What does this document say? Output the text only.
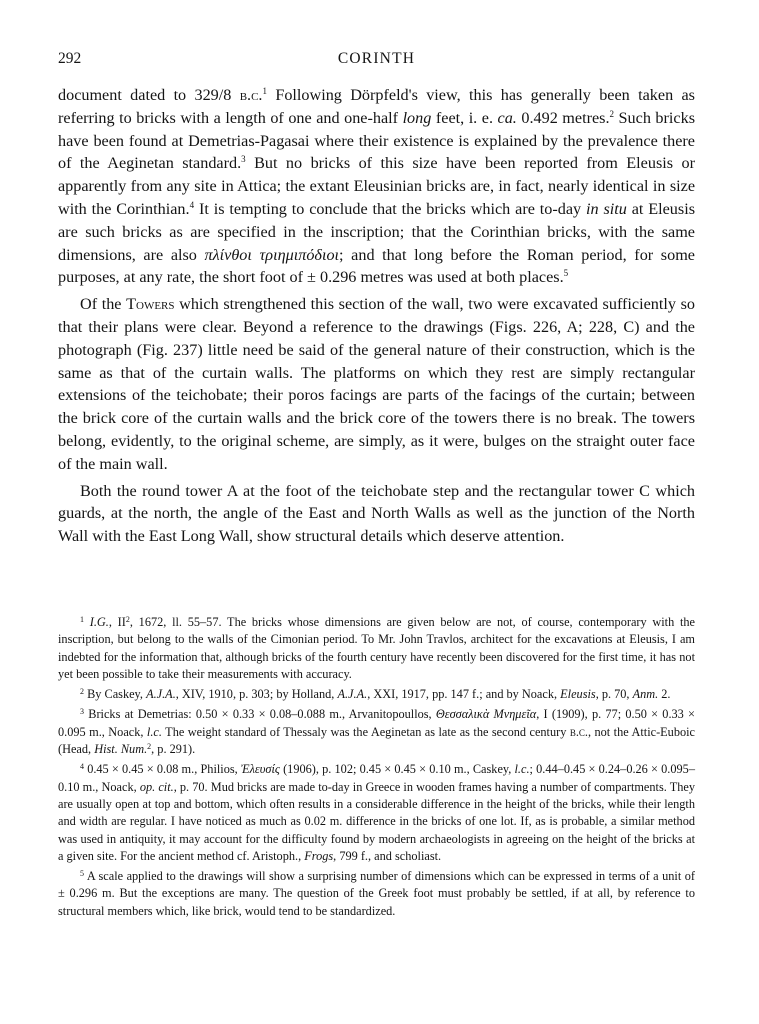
292	CORINTH

document dated to 329/8 b.c.$^1$ Following Dörpfeld's view, this has generally been taken as referring to bricks with a length of one and one-half long feet, i. e. ca. 0.492 metres.$^2$ Such bricks have been found at Demetrias-Pagasai where their existence is explained by the prevalence there of the Aeginetan standard.$^3$ But no bricks of this size have been reported from Eleusis or apparently from any site in Attica; the extant Eleusinian bricks are, in fact, nearly identical in size with the Corinthian.$^4$ It is tempting to conclude that the bricks which are to-day in situ at Eleusis are such bricks as are specified in the inscription; that the Corinthian bricks, with the same dimensions, are also πλίνθοι τριημιπόδιοι; and that long before the Roman period, for some purposes, at any rate, the short foot of ± 0.296 metres was used at both places.$^5$

Of the Towers which strengthened this section of the wall, two were excavated sufficiently so that their plans were clear. Beyond a reference to the drawings (Figs. 226, A; 228, C) and the photograph (Fig. 237) little need be said of the general nature of their construction, which is the same as that of the curtain walls. The platforms on which they rest are simply rectangular extensions of the teichobate; their poros facings are parts of the facings of the curtain; between the brick core of the curtain walls and the brick core of the towers there is no break. The towers belong, evidently, to the original scheme, are simply, as it were, bulges on the straight outer face of the main wall.

Both the round tower A at the foot of the teichobate step and the rectangular tower C which guards, at the north, the angle of the East and North Walls as well as the junction of the North Wall with the East Long Wall, show structural details which deserve attention.

$^1$ I.G., $II^2$, 1672, ll. 55–57. The bricks whose dimensions are given below are not, of course, contemporary with the inscription, but belong to the walls of the Cimonian period. To Mr. John Travlos, architect for the excavations at Eleusis, I am indebted for the information that, although bricks of the fourth century have recently been discovered for the first time, it has not yet been possible to take their measurements with accuracy.

$^2$ By Caskey, A.J.A., XIV, 1910, p. 303; by Holland, A.J.A., XXI, 1917, pp. 147 f.; and by Noack, Eleusis, p. 70, Anm. 2.

$^3$ Bricks at Demetrias: 0.50 × 0.33 × 0.08–0.088 m., Arvanitopoullos, Θεσσαλικὰ Μνημεῖα, I (1909), p. 77; 0.50 × 0.33 × 0.095 m., Noack, l.c. The weight standard of Thessaly was the Aeginetan as late as the second century b.c., not the Attic-Euboic (Head, Hist. Num.$^2$, p. 291).

$^4$ 0.45 × 0.45 × 0.08 m., Philios, Ἐλευσίς (1906), p. 102; 0.45 × 0.45 × 0.10 m., Caskey, l.c.; 0.44–0.45 × 0.24–0.26 × 0.095–0.10 m., Noack, op. cit., p. 70. Mud bricks are made to-day in Greece in wooden frames having a number of compartments. They are usually open at top and bottom, which often results in a considerable difference in the height of the bricks, while their length and width are regular. I have noticed as much as 0.02 m. difference in the bricks of one lot. If, as is probable, a similar method was used in antiquity, it may account for the difficulty found by modern archaeologists in agreeing on the height of the bricks at a given site. For the ancient method cf. Aristoph., Frogs, 799 f., and scholiast.

$^5$ A scale applied to the drawings will show a surprising number of dimensions which can be expressed in terms of a unit of ± 0.296 m. But the exceptions are many. The question of the Greek foot must probably be settled, if at all, by reference to structural members which, like brick, would tend to be standardized.
